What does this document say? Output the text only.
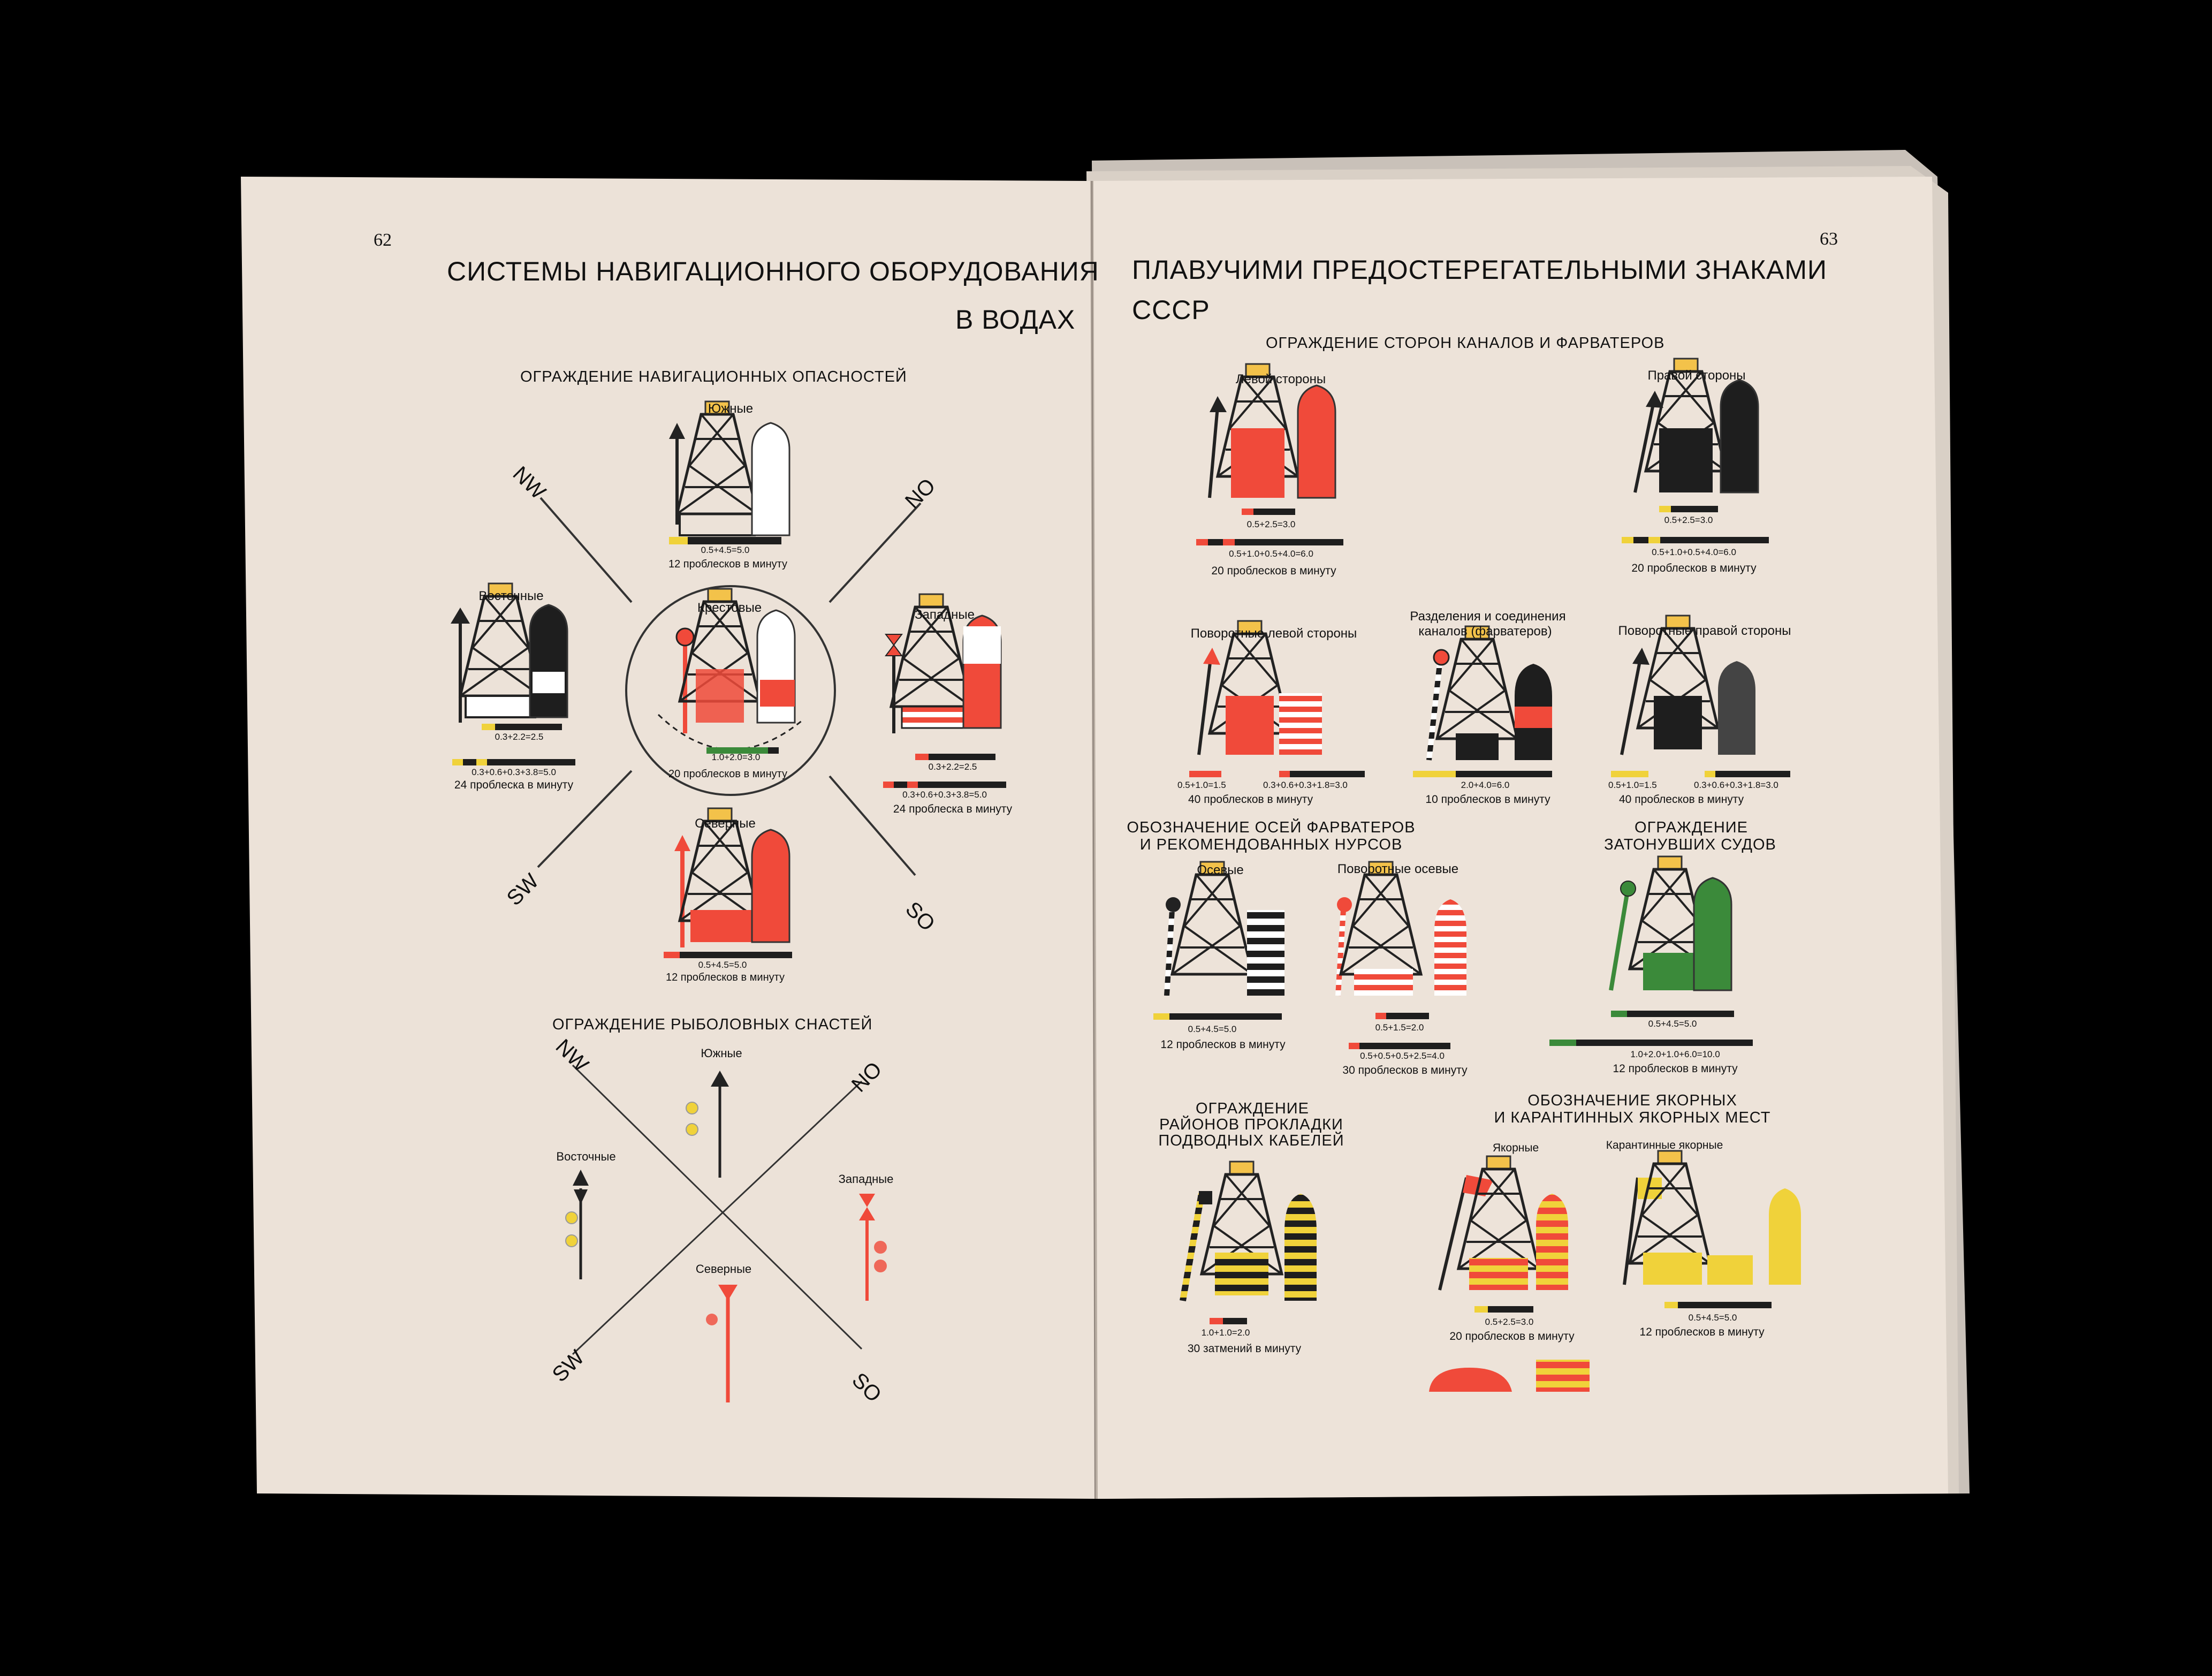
62
СИСТЕМЫ НАВИГАЦИОННОГО ОБОРУДОВАНИЯ
В ВОДАХ
ОГРАЖДЕНИЕ НАВИГАЦИОННЫХ ОПАСНОСТЕЙ
NW	NO
SW
SO
Южные
0.5+4.5=5.0
12 проблесков в минуту
Восточные
0.3+2.2=2.5
0.3+0.6+0.3+3.8=5.0
24 проблеска в минуту
Крестовые
1.0+2.0=3.0
20 проблесков в минуту
Западные
0.3+2.2=2.5
0.3+0.6+0.3+3.8=5.0
24 проблеска в минуту
Северные
0.5+4.5=5.0
12 проблесков в минуту
ОГРАЖДЕНИЕ РЫБОЛОВНЫХ СНАСТЕЙ
NW
NO
SW
SO
Южные
Восточные
Западные
Северные
63
ПЛАВУЧИМИ ПРЕДОСТЕРЕГАТЕЛЬНЫМИ ЗНАКАМИ
СССР
ОГРАЖДЕНИЕ СТОРОН КАНАЛОВ И ФАРВАТЕРОВ
Левой стороны
0.5+2.5=3.0
0.5+1.0+0.5+4.0=6.0
20 проблесков в минуту
Правой стороны
0.5+2.5=3.0
0.5+1.0+0.5+4.0=6.0
20 проблесков в минуту
Поворотные левой стороны
0.5+1.0=1.5	0.3+0.6+0.3+1.8=3.0
40 проблесков в минуту
Разделения и соединения
каналов (фарватеров)
2.0+4.0=6.0
10 проблесков в минуту
Поворотные правой стороны
0.5+1.0=1.5	0.3+0.6+0.3+1.8=3.0
40 проблесков в минуту
ОБОЗНАЧЕНИЕ ОСЕЙ ФАРВАТЕРОВ
И РЕКОМЕНДОВАННЫХ НУРСОВ
Осевые
0.5+4.5=5.0
12 проблесков в минуту
Поворотные осевые
0.5+1.5=2.0
0.5+0.5+0.5+2.5=4.0
30 проблесков в минуту
ОГРАЖДЕНИЕ
ЗАТОНУВШИХ СУДОВ
0.5+4.5=5.0
1.0+2.0+1.0+6.0=10.0
12 проблесков в минуту
ОГРАЖДЕНИЕ
РАЙОНОВ ПРОКЛАДКИ
ПОДВОДНЫХ КАБЕЛЕЙ
1.0+1.0=2.0
30 затмений в минуту
ОБОЗНАЧЕНИЕ ЯКОРНЫХ
И КАРАНТИННЫХ ЯКОРНЫХ МЕСТ
Якорные	Карантинные якорные
0.5+2.5=3.0
20 проблесков в минуту
0.5+4.5=5.0
12 проблесков в минуту
